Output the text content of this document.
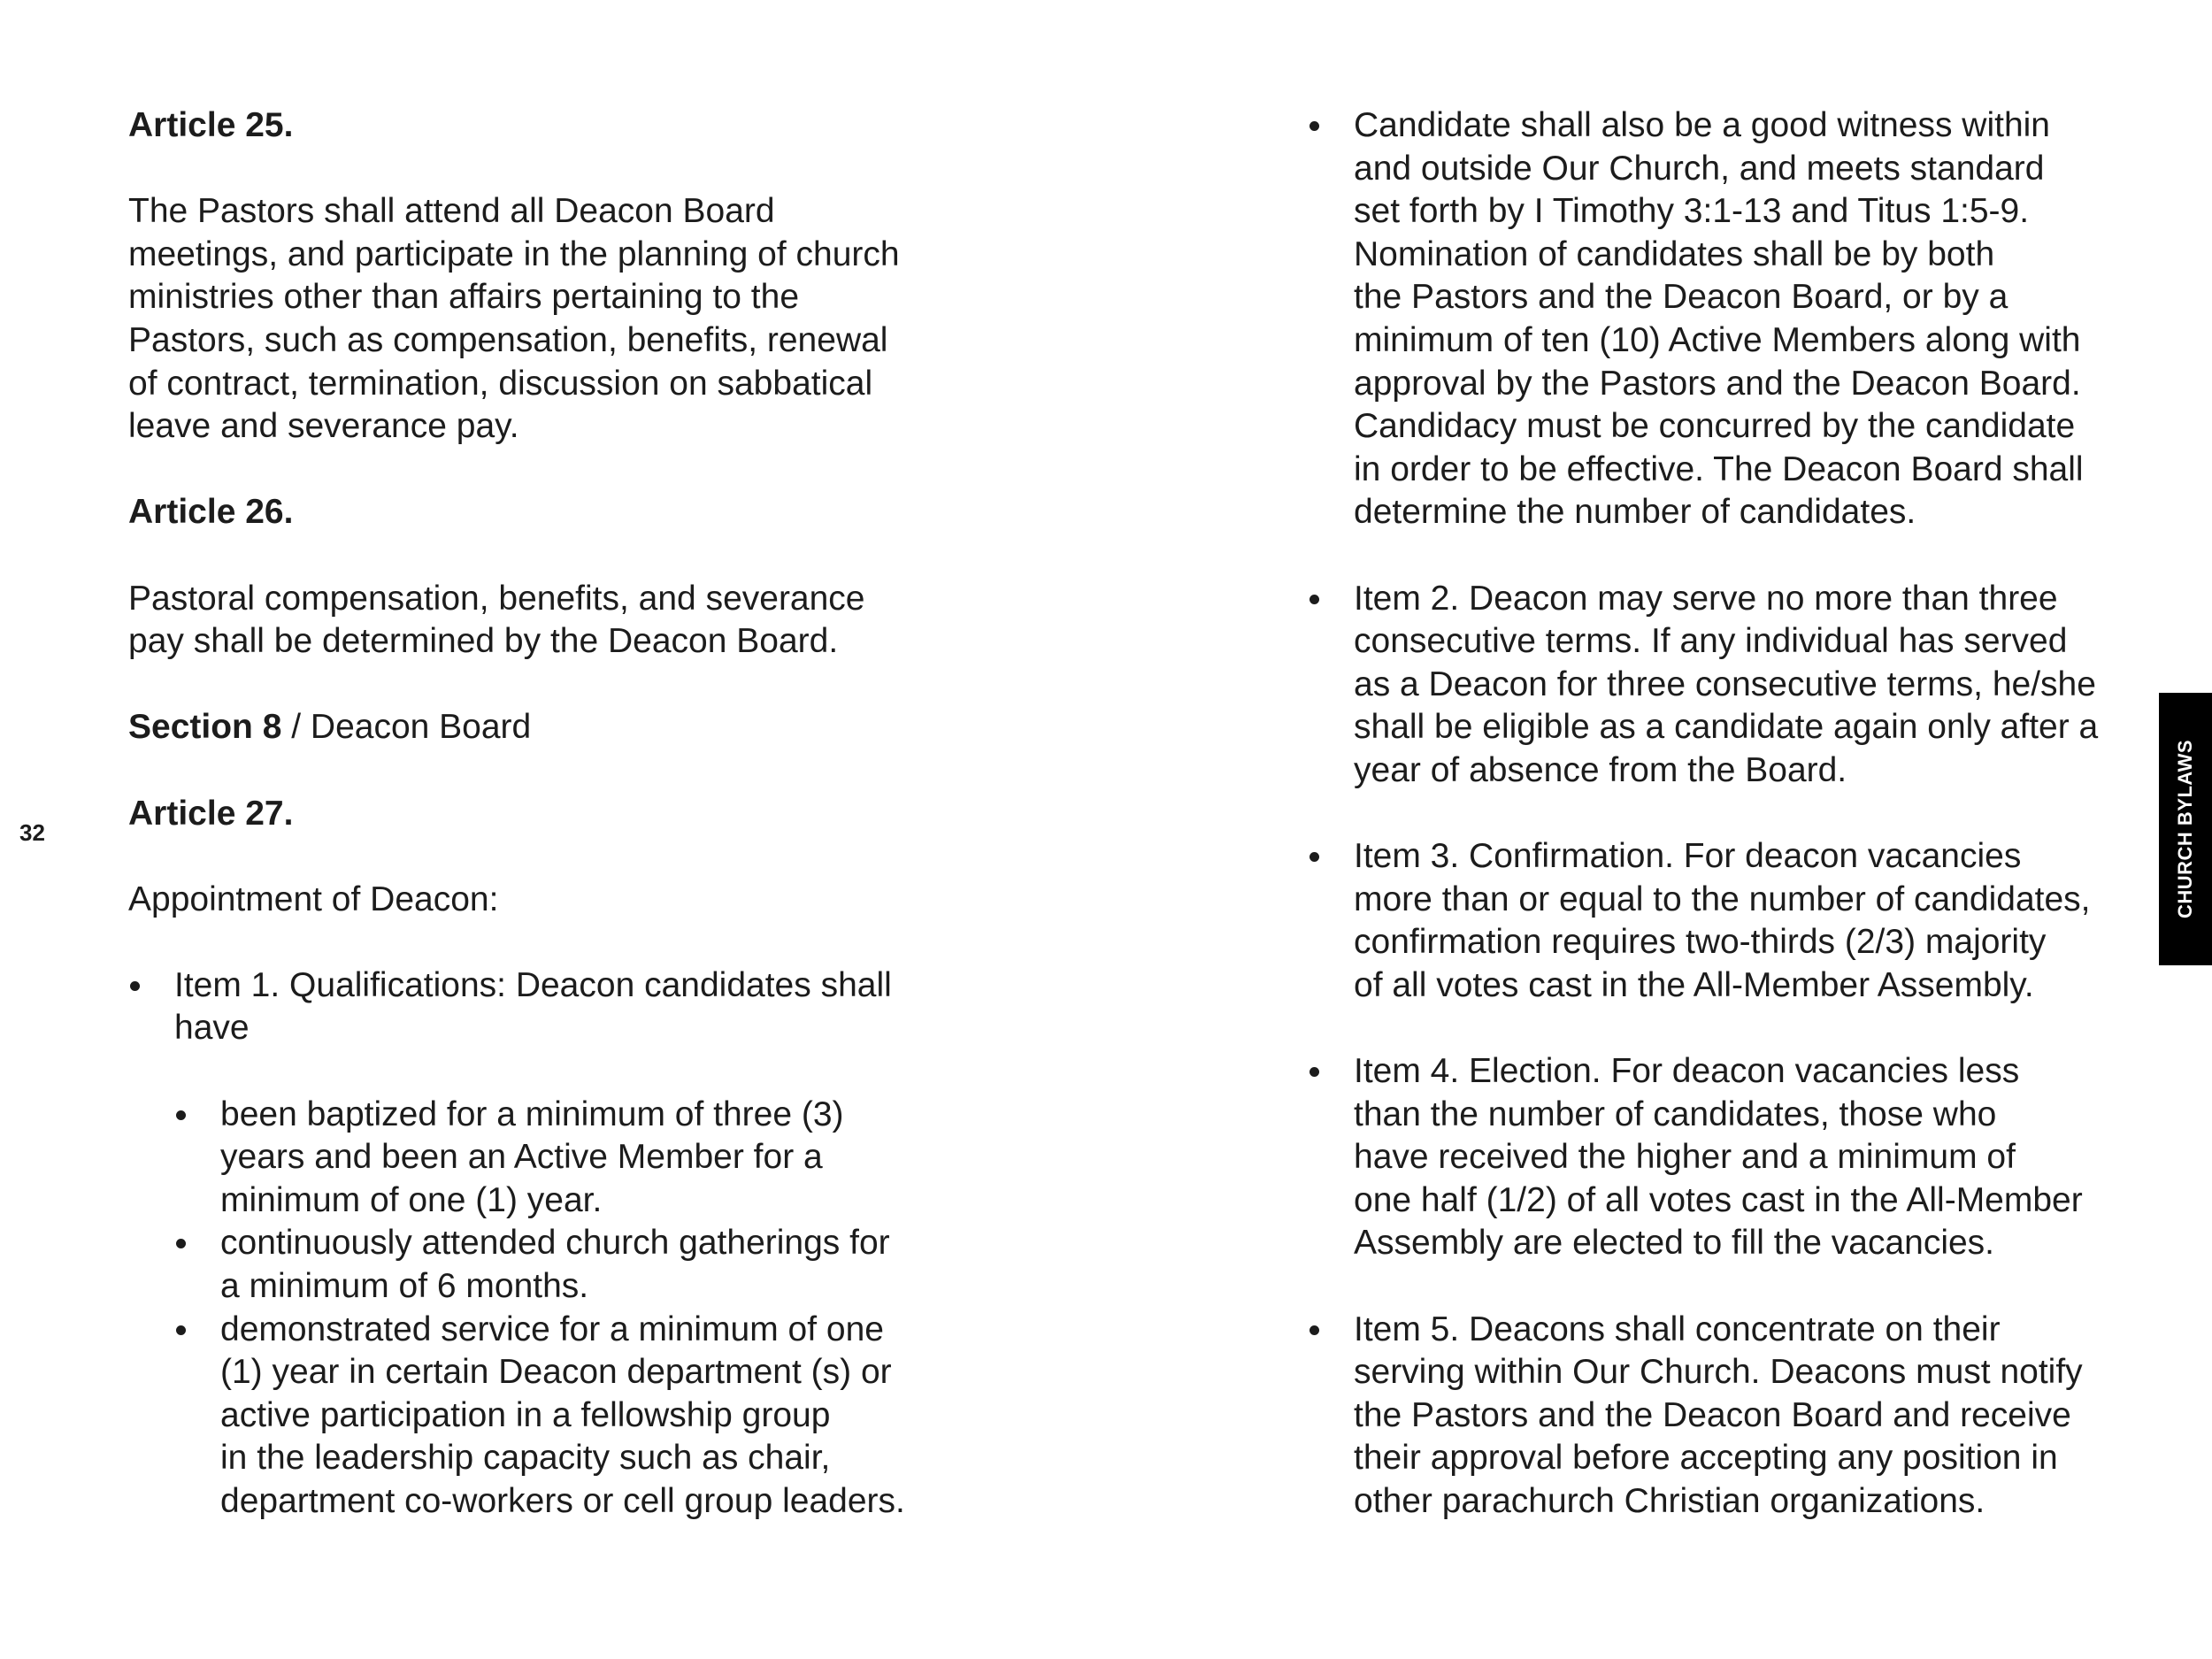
32	CHURCH BYLAWS

Article 25.

The Pastors shall attend all Deacon Board
meetings, and participate in the planning of church
ministries other than affairs pertaining to the
Pastors, such as compensation, benefits, renewal
of contract, termination, discussion on sabbatical
leave and severance pay.

Article 26.

Pastoral compensation, benefits, and severance
pay shall be determined by the Deacon Board.

Section 8 / Deacon Board

Article 27.

Appointment of Deacon:

Item 1. Qualifications: Deacon candidates shall
have

been baptized for a minimum of three (3)
years and been an Active Member for a
minimum of one (1) year.

continuously attended church gatherings for
a minimum of 6 months.

demonstrated service for a minimum of one
(1) year in certain Deacon department (s) or
active participation in a fellowship group
in the leadership capacity such as chair,
department co-workers or cell group leaders.

Candidate shall also be a good witness within
and outside Our Church, and meets standard
set forth by I Timothy 3:1-13 and Titus 1:5-9.
Nomination of candidates shall be by both
the Pastors and the Deacon Board, or by a
minimum of ten (10) Active Members along with
approval by the Pastors and the Deacon Board.
Candidacy must be concurred by the candidate
in order to be effective. The Deacon Board shall
determine the number of candidates.

Item 2. Deacon may serve no more than three
consecutive terms. If any individual has served
as a Deacon for three consecutive terms, he/she
shall be eligible as a candidate again only after a
year of absence from the Board.

Item 3. Confirmation. For deacon vacancies
more than or equal to the number of candidates,
confirmation requires two-thirds (2/3) majority
of all votes cast in the All-Member Assembly.

Item 4. Election. For deacon vacancies less
than the number of candidates, those who
have received the higher and a minimum of
one half (1/2) of all votes cast in the All-Member
Assembly are elected to fill the vacancies.

Item 5. Deacons shall concentrate on their
serving within Our Church. Deacons must notify
the Pastors and the Deacon Board and receive
their approval before accepting any position in
other parachurch Christian organizations.
